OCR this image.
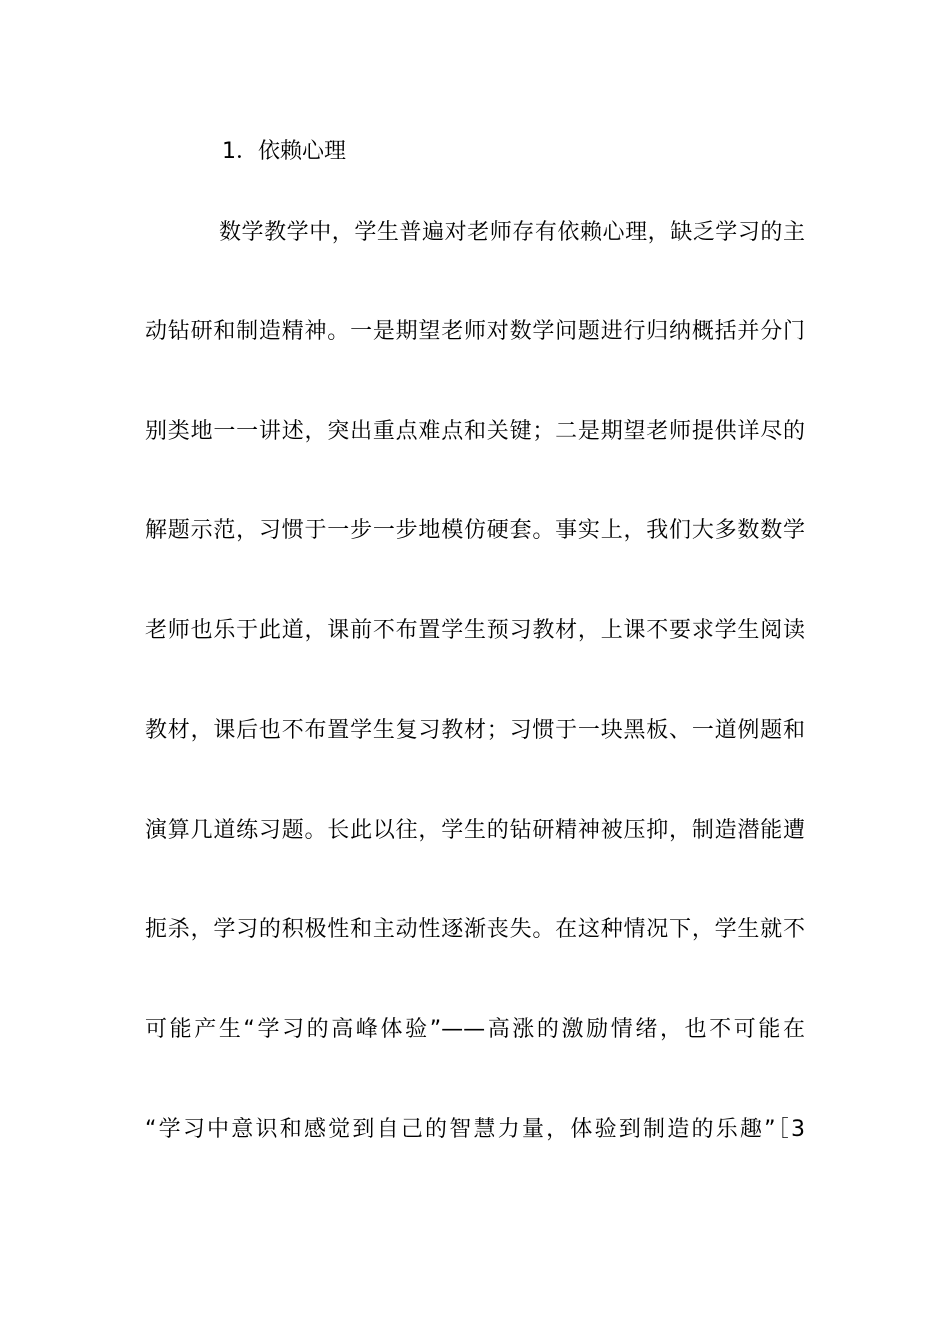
1．依赖心理
数学教学中，学生普遍对老师存有依赖心理，缺乏学习的主
动钻研和制造精神。一是期望老师对数学问题进行归纳概括并分门
别类地一一讲述，突出重点难点和关键；二是期望老师提供详尽的
解题示范，习惯于一步一步地模仿硬套。事实上，我们大多数数学
老师也乐于此道，课前不布置学生预习教材，上课不要求学生阅读
教材，课后也不布置学生复习教材；习惯于一块黑板、一道例题和
演算几道练习题。长此以往，学生的钻研精神被压抑，制造潜能遭
扼杀，学习的积极性和主动性逐渐丧失。在这种情况下，学生就不
可能产生“学习的高峰体验”——高涨的激励情绪，也不可能在
“学习中意识和感觉到自己的智慧力量，体验到制造的乐趣”［3
